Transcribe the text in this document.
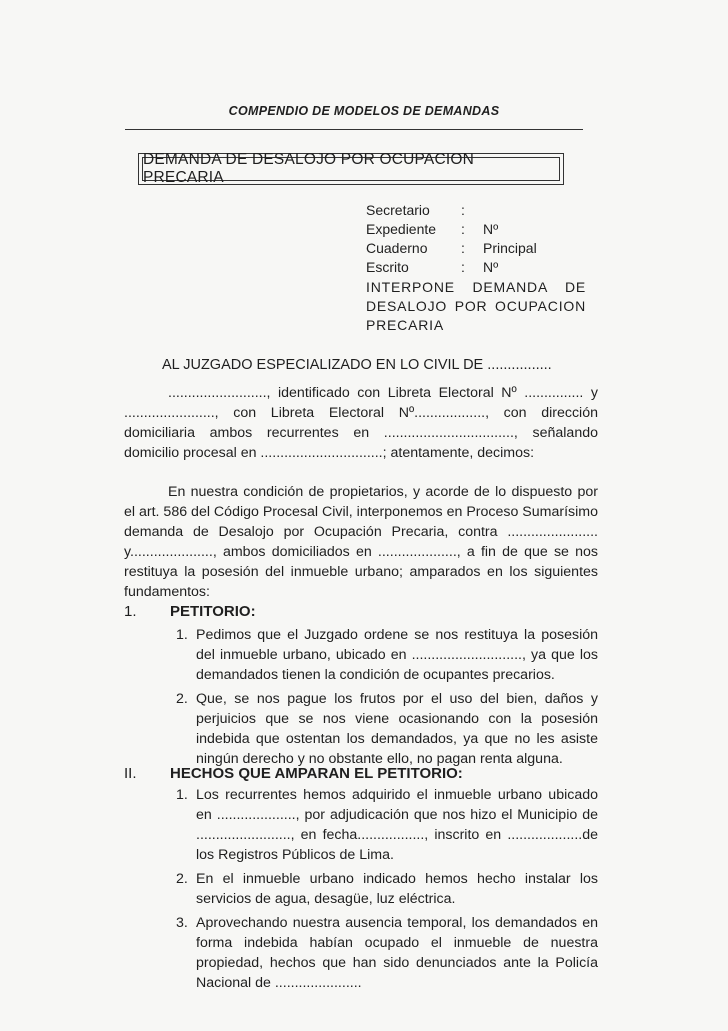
COMPENDIO DE MODELOS DE DEMANDAS
DEMANDA DE DESALOJO POR OCUPACION PRECARIA
Secretario	:
Expediente	:	Nº
Cuaderno	:	Principal
Escrito	:	Nº
INTERPONE DEMANDA DE DESALOJO POR OCUPACION PRECARIA
AL JUZGADO ESPECIALIZADO EN LO CIVIL DE ................

........................., identificado con Libreta Electoral Nº ............... y ......................., con Libreta Electoral Nº.................., con dirección domiciliaria ambos recurrentes en ................................., señalando domicilio procesal en ...............................; atentamente, decimos:

En nuestra condición de propietarios, y acorde de lo dispuesto por el art. 586 del Código Procesal Civil, interponemos en Proceso Sumarísimo demanda de Desalojo por Ocupación Precaria, contra ....................... y....................., ambos domiciliados en ...................., a fin de que se nos restituya la posesión del inmueble urbano; amparados en los siguientes fundamentos:

1. PETITORIO:
1. Pedimos que el Juzgado ordene se nos restituya la posesión del inmueble urbano, ubicado en ............................, ya que los demandados tienen la condición de ocupantes precarios.
2. Que, se nos pague los frutos por el uso del bien, daños y perjuicios que se nos viene ocasionando con la posesión indebida que ostentan los demandados, ya que no les asiste ningún derecho y no obstante ello, no pagan renta alguna.
II. HECHOS QUE AMPARAN EL PETITORIO:
1. Los recurrentes hemos adquirido el inmueble urbano ubicado en ...................., por adjudicación que nos hizo el Municipio de ........................, en fecha................., inscrito en ...................de los Registros Públicos de Lima.
2. En el inmueble urbano indicado hemos hecho instalar los servicios de agua, desagüe, luz eléctrica.
3. Aprovechando nuestra ausencia temporal, los demandados en forma indebida habían ocupado el inmueble de nuestra propiedad, hechos que han sido denunciados ante la Policía Nacional de ......................
